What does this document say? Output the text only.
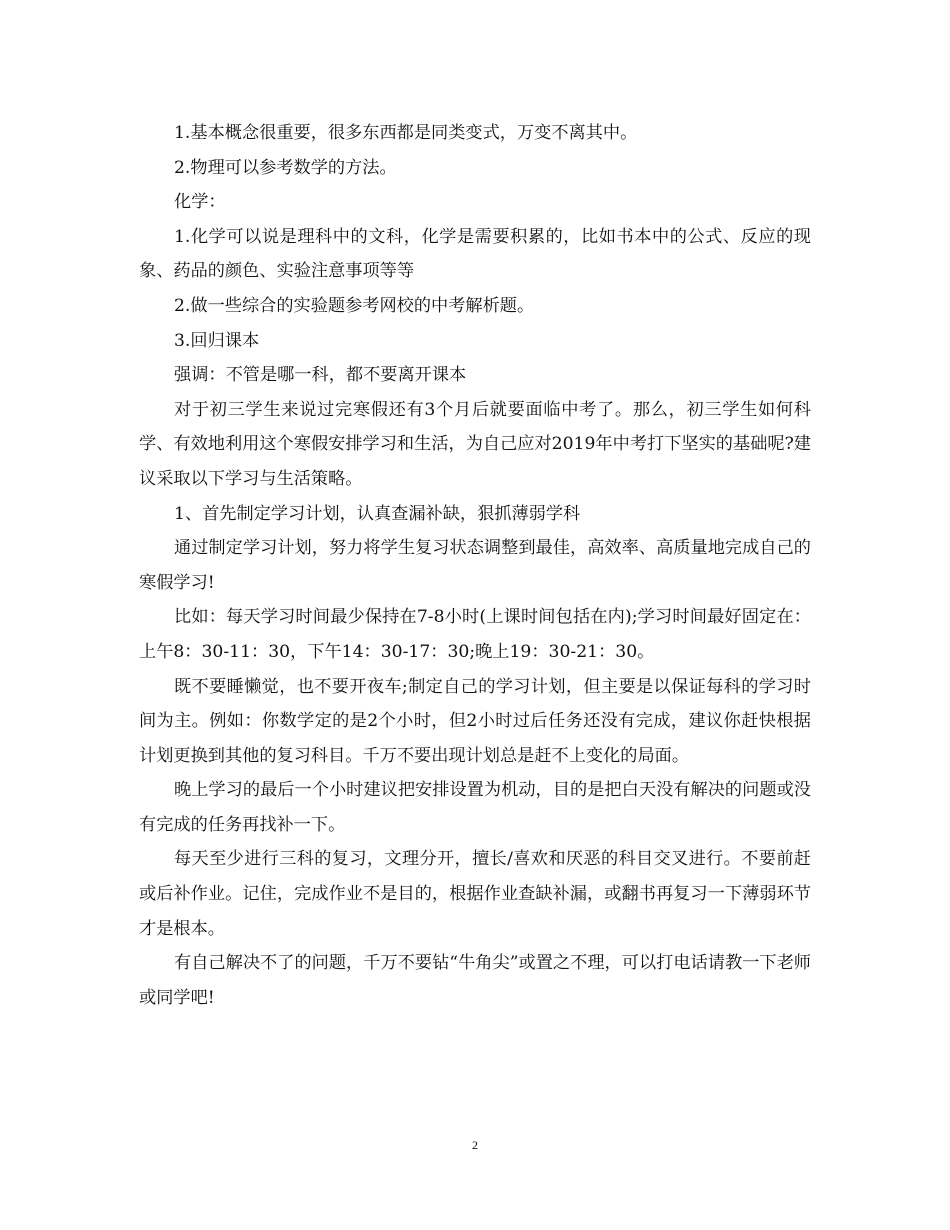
1.基本概念很重要，很多东西都是同类变式，万变不离其中。

2.物理可以参考数学的方法。

化学：

1.化学可以说是理科中的文科，化学是需要积累的，比如书本中的公式、反应的现象、药品的颜色、实验注意事项等等

2.做一些综合的实验题参考网校的中考解析题。

3.回归课本

强调：不管是哪一科，都不要离开课本

对于初三学生来说过完寒假还有3个月后就要面临中考了。那么，初三学生如何科学、有效地利用这个寒假安排学习和生活，为自己应对2019年中考打下坚实的基础呢?建议采取以下学习与生活策略。

1、首先制定学习计划，认真查漏补缺，狠抓薄弱学科

通过制定学习计划，努力将学生复习状态调整到最佳，高效率、高质量地完成自己的寒假学习!

比如：每天学习时间最少保持在7-8小时(上课时间包括在内);学习时间最好固定在：上午8：30-11：30，下午14：30-17：30;晚上19：30-21：30。

既不要睡懒觉，也不要开夜车;制定自己的学习计划，但主要是以保证每科的学习时间为主。例如：你数学定的是2个小时，但2小时过后任务还没有完成，建议你赶快根据计划更换到其他的复习科目。千万不要出现计划总是赶不上变化的局面。

晚上学习的最后一个小时建议把安排设置为机动，目的是把白天没有解决的问题或没有完成的任务再找补一下。

每天至少进行三科的复习，文理分开，擅长/喜欢和厌恶的科目交叉进行。不要前赶或后补作业。记住，完成作业不是目的，根据作业查缺补漏，或翻书再复习一下薄弱环节才是根本。

有自己解决不了的问题，千万不要钻“牛角尖”或置之不理，可以打电话请教一下老师或同学吧!

2
